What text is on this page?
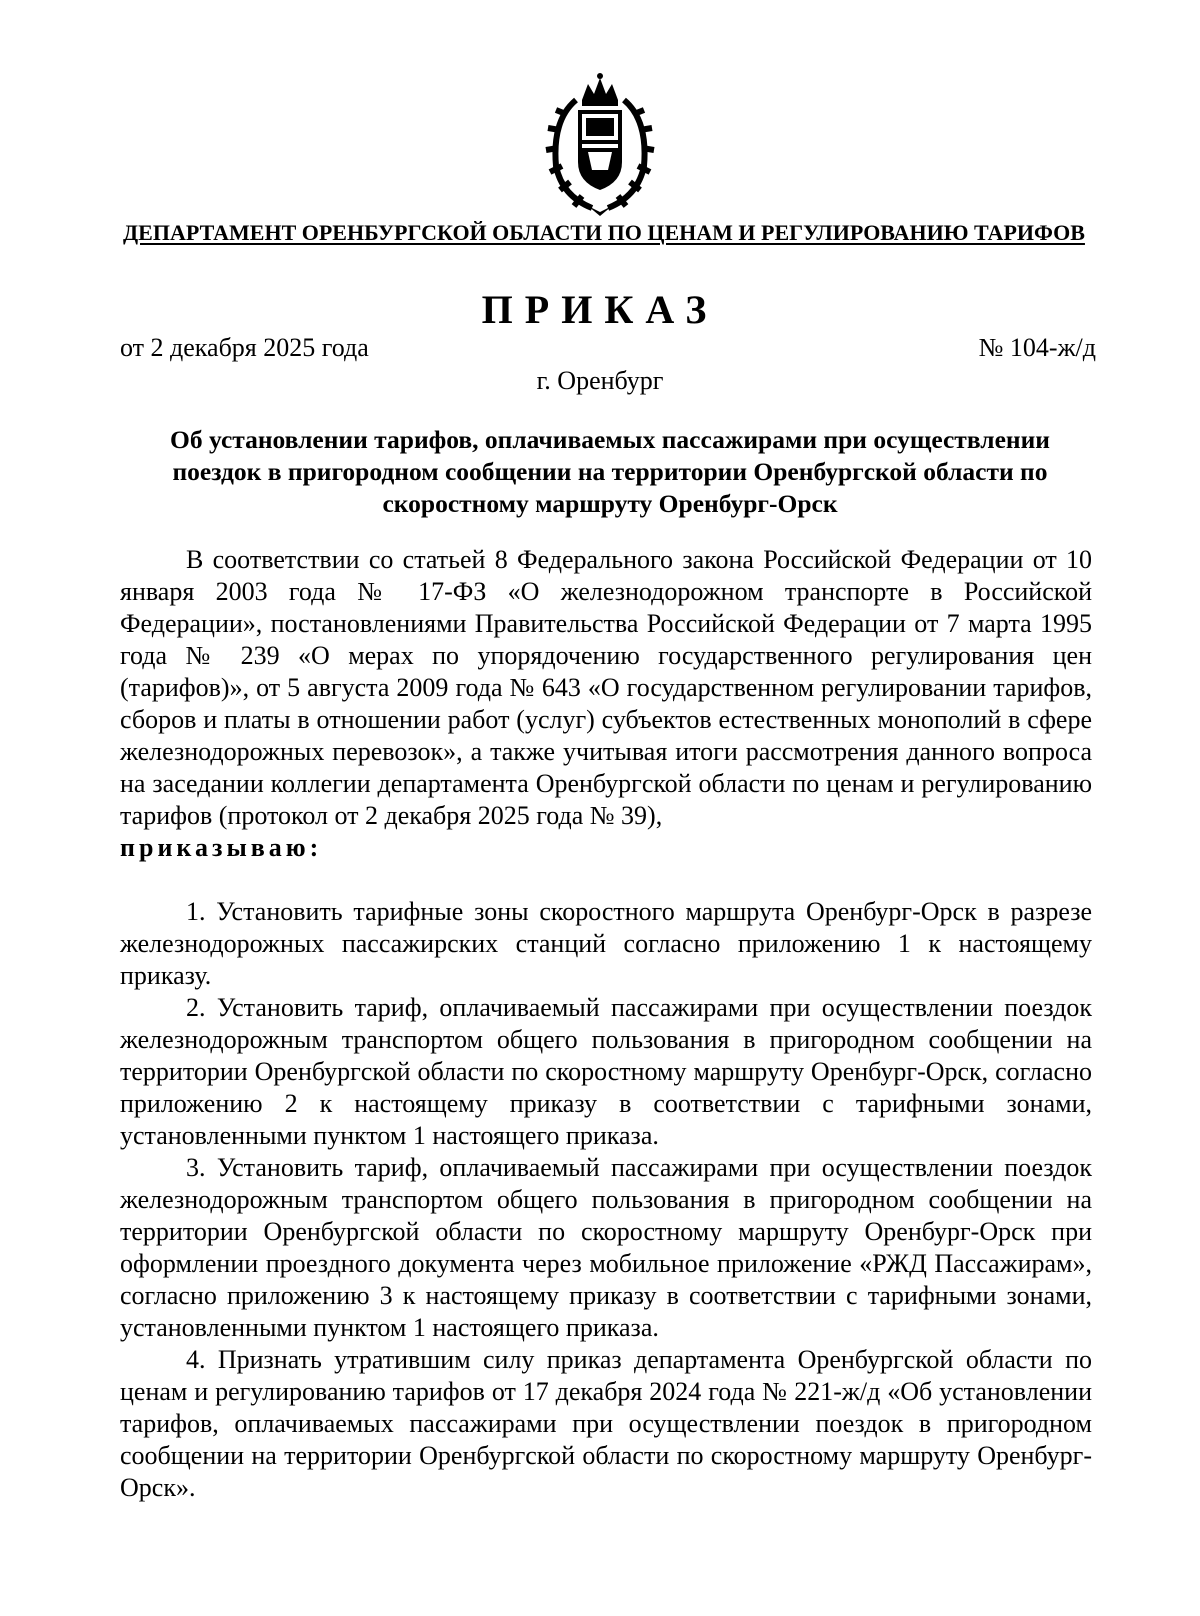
ДЕПАРТАМЕНТ ОРЕНБУРГСКОЙ ОБЛАСТИ ПО ЦЕНАМ И РЕГУЛИРОВАНИЮ ТАРИФОВ
ПРИКАЗ
от 2 декабря 2025 года	№ 104-ж/д
г. Оренбург
Об установлении тарифов, оплачиваемых пассажирами при осуществлении поездок в пригородном сообщении на территории Оренбургской области по скоростному маршруту Оренбург-Орск

В соответствии со статьей 8 Федерального закона Российской Федерации от 10 января 2003 года № 17-ФЗ «О железнодорожном транспорте в Российской Федерации», постановлениями Правительства Российской Федерации от 7 марта 1995 года № 239 «О мерах по упорядочению государственного регулирования цен (тарифов)», от 5 августа 2009 года № 643 «О государственном регулировании тарифов, сборов и платы в отношении работ (услуг) субъектов естественных монополий в сфере железнодорожных перевозок», а также учитывая итоги рассмотрения данного вопроса на заседании коллегии департамента Оренбургской области по ценам и регулированию тарифов (протокол от 2 декабря 2025 года № 39),

приказываю:

1. Установить тарифные зоны скоростного маршрута Оренбург-Орск в разрезе железнодорожных пассажирских станций согласно приложению 1 к настоящему приказу.

2. Установить тариф, оплачиваемый пассажирами при осуществлении поездок железнодорожным транспортом общего пользования в пригородном сообщении на территории Оренбургской области по скоростному маршруту Оренбург-Орск, согласно приложению 2 к настоящему приказу в соответствии с тарифными зонами, установленными пунктом 1 настоящего приказа.

3. Установить тариф, оплачиваемый пассажирами при осуществлении поездок железнодорожным транспортом общего пользования в пригородном сообщении на территории Оренбургской области по скоростному маршруту Оренбург-Орск при оформлении проездного документа через мобильное приложение «РЖД Пассажирам», согласно приложению 3 к настоящему приказу в соответствии с тарифными зонами, установленными пунктом 1 настоящего приказа.

4. Признать утратившим силу приказ департамента Оренбургской области по ценам и регулированию тарифов от 17 декабря 2024 года № 221-ж/д «Об установлении тарифов, оплачиваемых пассажирами при осуществлении поездок в пригородном сообщении на территории Оренбургской области по скоростному маршруту Оренбург-Орск».
